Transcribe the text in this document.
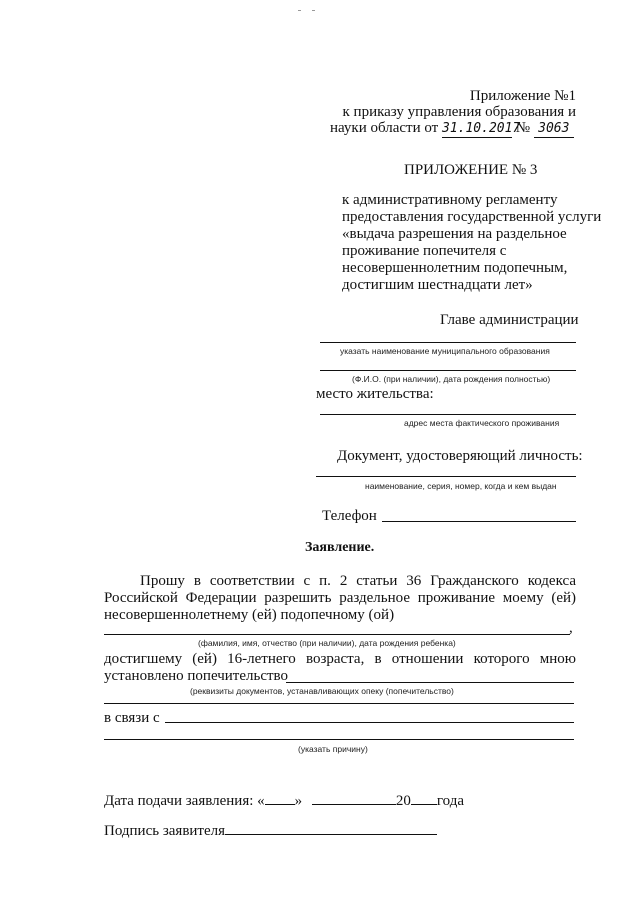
Приложение №1
к приказу управления образования и
науки области от 31.10.2017 № 3063
ПРИЛОЖЕНИЕ № 3
к административному регламенту
предоставления государственной услуги
«выдача разрешения на раздельное
проживание попечителя с
несовершеннолетним подопечным,
достигшим шестнадцати лет»
Главе администрации
указать наименование муниципального образования
(Ф.И.О. (при наличии), дата рождения полностью)
место жительства:
адрес места фактического проживания
Документ, удостоверяющий личность:
наименование, серия, номер, когда и кем выдан
Телефон
Заявление.
Прошу в соответствии с п. 2 статьи 36 Гражданского кодекса
Российской Федерации разрешить раздельное проживание моему (ей)
несовершеннолетнему (ей) подопечному (ой)
,
(фамилия, имя, отчество (при наличии), дата рождения ребенка)
достигшему (ей) 16-летнего возраста, в отношении которого мною
установлено попечительство
(реквизиты документов, устанавливающих опеку (попечительство)
в связи с
(указать причину)
Дата подачи заявления: « »	20 года
Подпись заявителя
